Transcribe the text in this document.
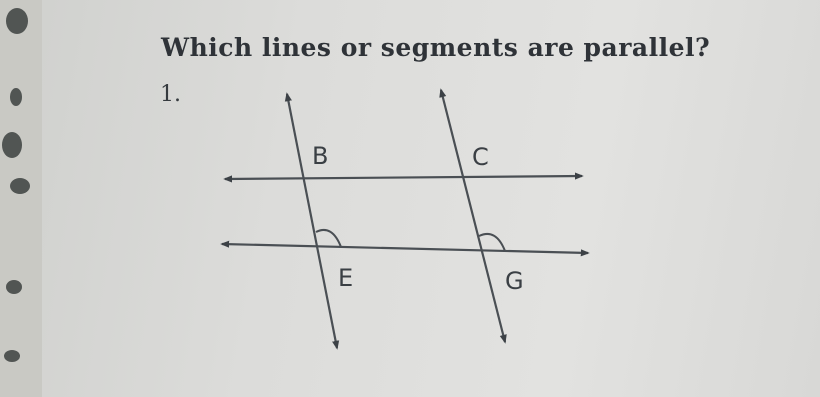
Which lines or segments are parallel?
1.
B	C
E	G
